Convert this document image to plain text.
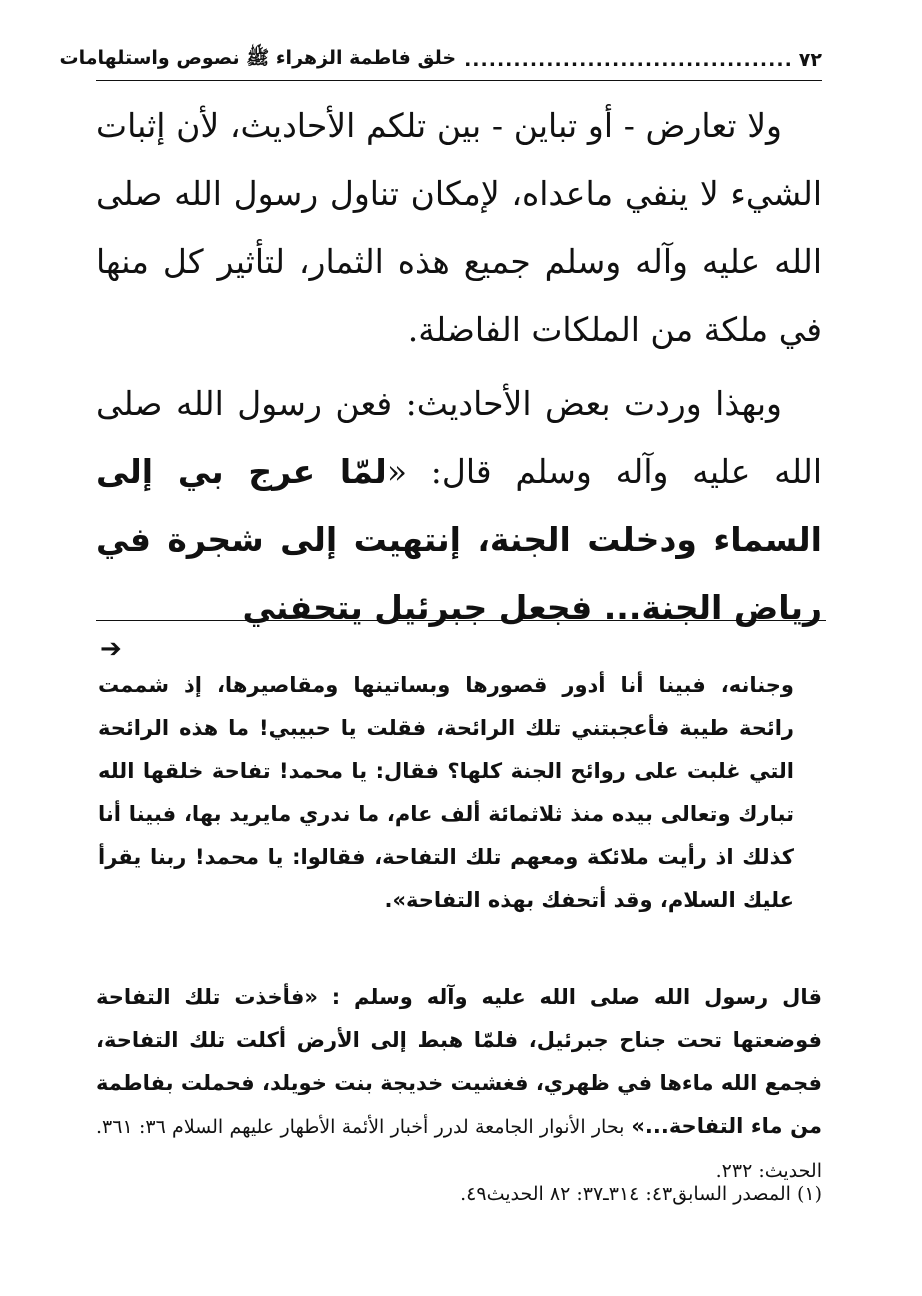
٧٢
........................................
خلق فاطمة الزهراء ﷺ نصوص واستلهامات

ولا تعارض - أو تباين - بين تلكم الأحاديث، لأن إثبات الشيء لا ينفي ماعداه، لإمكان تناول رسول الله صلى الله عليه وآله وسلم جميع هذه الثمار، لتأثير كل منها في ملكة من الملكات الفاضلة.

وبهذا وردت بعض الأحاديث: فعن رسول الله صلى الله عليه وآله وسلم قال: «لمّا عرج بي إلى السماء ودخلت الجنة، إنتهيت إلى شجرة في رياض الجنة... فجعل جبرئيل يتحفني

➔
وجنانه، فبينا أنا أدور قصورها وبساتينها ومقاصيرها، إذ شممت رائحة طيبة فأعجبتني تلك الرائحة، فقلت يا حبيبي! ما هذه الرائحة التي غلبت على روائح الجنة كلها؟ فقال: يا محمد! تفاحة خلقها الله تبارك وتعالى بيده منذ ثلاثمائة ألف عام، ما ندري مايريد بها، فبينا أنا كذلك اذ رأيت ملائكة ومعهم تلك التفاحة، فقالوا: يا محمد! ربنا يقرأ عليك السلام، وقد أتحفك بهذه التفاحة».
قال رسول الله صلى الله عليه وآله وسلم : «فأخذت تلك التفاحة فوضعتها تحت جناح جبرئيل، فلمّا هبط إلى الأرض أكلت تلك التفاحة، فجمع الله ماءها في ظهري، فغشيت خديجة بنت خويلد، فحملت بفاطمة من ماء التفاحة...» بحار الأنوار الجامعة لدرر أخبار الأئمة الأطهار عليهم السلام ٣٦: ٣٦١. الحديث: ٢٣٢.
(١) المصدر السابق٤٣: ٣١٤ـ٣٧: ٨٢ الحديث٤٩.
